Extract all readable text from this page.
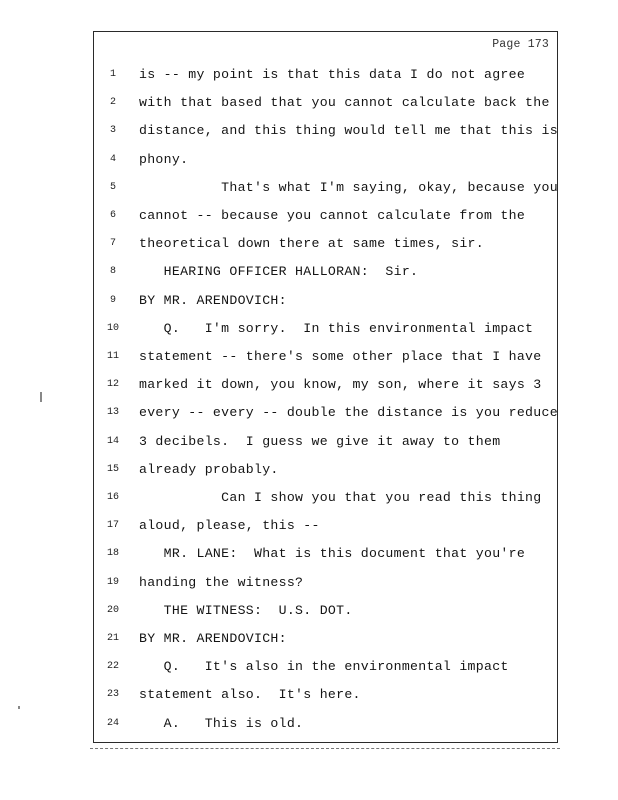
Page 173
1	is -- my point is that this data I do not agree
2	with that based that you cannot calculate back the
3	distance, and this thing would tell me that this is
4	phony.
5	That's what I'm saying, okay, because you
6	cannot -- because you cannot calculate from the
7	theoretical down there at same times, sir.
8	HEARING OFFICER HALLORAN:  Sir.
9	BY MR. ARENDOVICH:
10	Q.   I'm sorry.  In this environmental impact
11	statement -- there's some other place that I have
12	marked it down, you know, my son, where it says 3
13	every -- every -- double the distance is you reduce
14	3 decibels.  I guess we give it away to them
15	already probably.
16	Can I show you that you read this thing
17	aloud, please, this --
18	MR. LANE:  What is this document that you're
19	handing the witness?
20	THE WITNESS:  U.S. DOT.
21	BY MR. ARENDOVICH:
22	Q.   It's also in the environmental impact
23	statement also.  It's here.
24	A.   This is old.
